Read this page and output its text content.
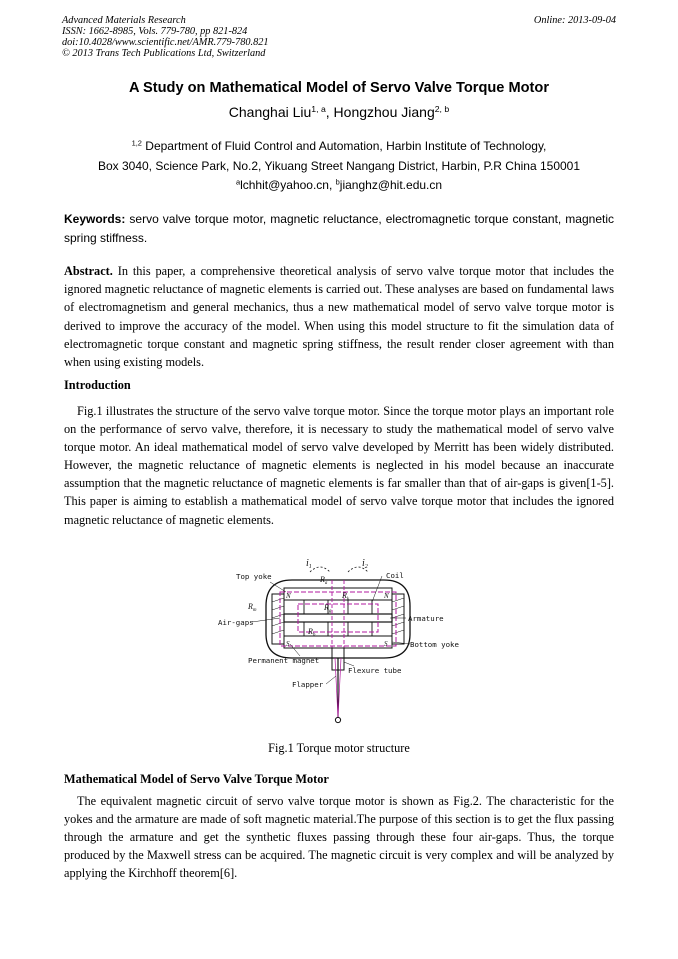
Advanced Materials Research
ISSN: 1662-8985, Vols. 779-780, pp 821-824
doi:10.4028/www.scientific.net/AMR.779-780.821
© 2013 Trans Tech Publications Ltd, Switzerland
Online: 2013-09-04
A Study on Mathematical Model of Servo Valve Torque Motor
Changhai Liu$^{1, a}$, Hongzhou Jiang$^{2, b}$
$^{1,2}$ Department of Fluid Control and Automation, Harbin Institute of Technology,
Box 3040, Science Park, No.2, Yikuang Street Nangang District, Harbin, P.R China 150001
$^a$lchhit@yahoo.cn, $^b$jianghz@hit.edu.cn
Keywords: servo valve torque motor, magnetic reluctance, electromagnetic torque constant, magnetic spring stiffness.
Abstract. In this paper, a comprehensive theoretical analysis of servo valve torque motor that includes the ignored magnetic reluctance of magnetic elements is carried out. These analyses are based on fundamental laws of electromagnetism and general mechanics, thus a new mathematical model of servo valve torque motor is derived to improve the accuracy of the model. When using this model structure to fit the simulation data of electromagnetic torque constant and magnetic spring stiffness, the result render closer agreement with than when using existing models.
Introduction
Fig.1 illustrates the structure of the servo valve torque motor. Since the torque motor plays an important role on the performance of servo valve, therefore, it is necessary to study the mathematical model of servo valve torque motor. An ideal mathematical model of servo valve developed by Merritt has been widely distributed. However, the magnetic reluctance of magnetic elements is neglected in his model because an inaccurate assumption that the magnetic reluctance of magnetic elements is far smaller than that of air-gaps is given[1-5]. This paper is aiming to establish a mathematical model of servo valve torque motor that includes the ignored magnetic reluctance of magnetic elements.
Top yoke	Coil
Air-gaps	Armature
Bottom yoke
Permanent magnet
Flexure tube
Flapper
$i_1$	$i_2$
$R_m$
$R_a$
$R_k$
$R_g$
$R_b$
N	N
S	S
Fig.1 Torque motor structure
Mathematical Model of Servo Valve Torque Motor
The equivalent magnetic circuit of servo valve torque motor is shown as Fig.2. The characteristic for the yokes and the armature are made of soft magnetic material.The purpose of this section is to get the flux passing through the armature and get the synthetic fluxes passing through these four air-gaps. Thus, the torque produced by the Maxwell stress can be acquired. The magnetic circuit is very complex and will be analyzed by applying the Kirchhoff theorem[6].
